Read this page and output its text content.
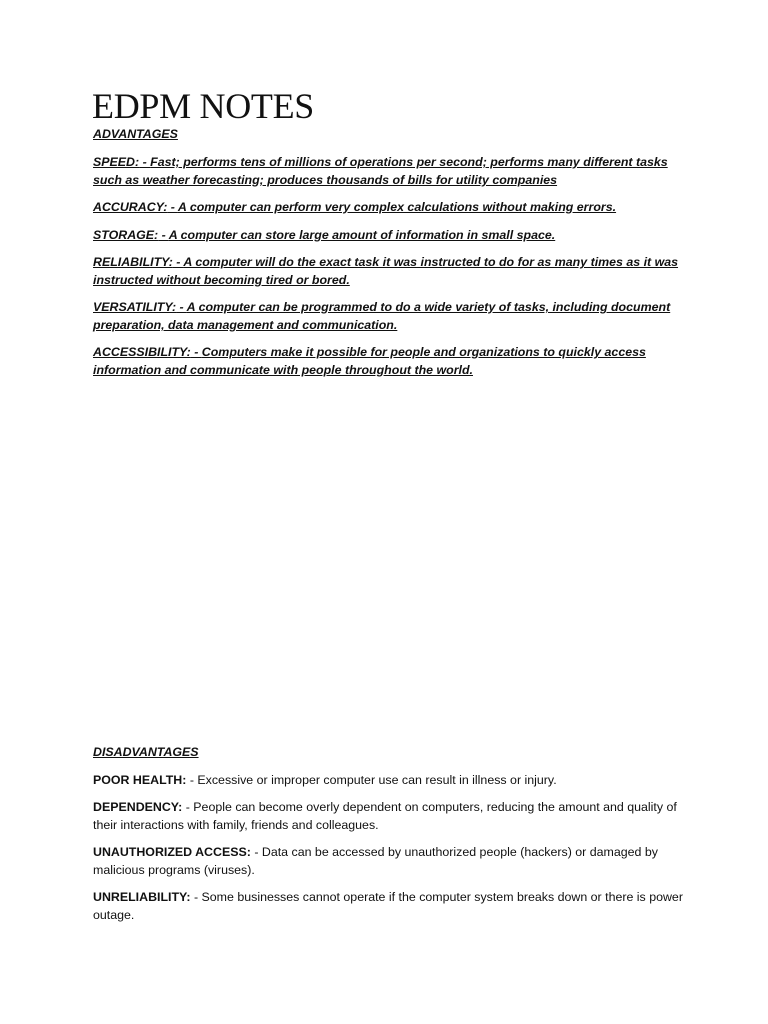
EDPM NOTES
ADVANTAGES

SPEED: - Fast; performs tens of millions of operations per second; performs many different tasks such as weather forecasting; produces thousands of bills for utility companies

ACCURACY: - A computer can perform very complex calculations without making errors.

STORAGE: - A computer can store large amount of information in small space.

RELIABILITY: - A computer will do the exact task it was instructed to do for as many times as it was instructed without becoming tired or bored.

VERSATILITY: - A computer can be programmed to do a wide variety of tasks, including document preparation, data management and communication.

ACCESSIBILITY: - Computers make it possible for people and organizations to quickly access information and communicate with people throughout the world.

DISADVANTAGES

POOR HEALTH: - Excessive or improper computer use can result in illness or injury.

DEPENDENCY: - People can become overly dependent on computers, reducing the amount and quality of their interactions with family, friends and colleagues.

UNAUTHORIZED ACCESS: - Data can be accessed by unauthorized people (hackers) or damaged by malicious programs (viruses).

UNRELIABILITY: - Some businesses cannot operate if the computer system breaks down or there is power outage.
